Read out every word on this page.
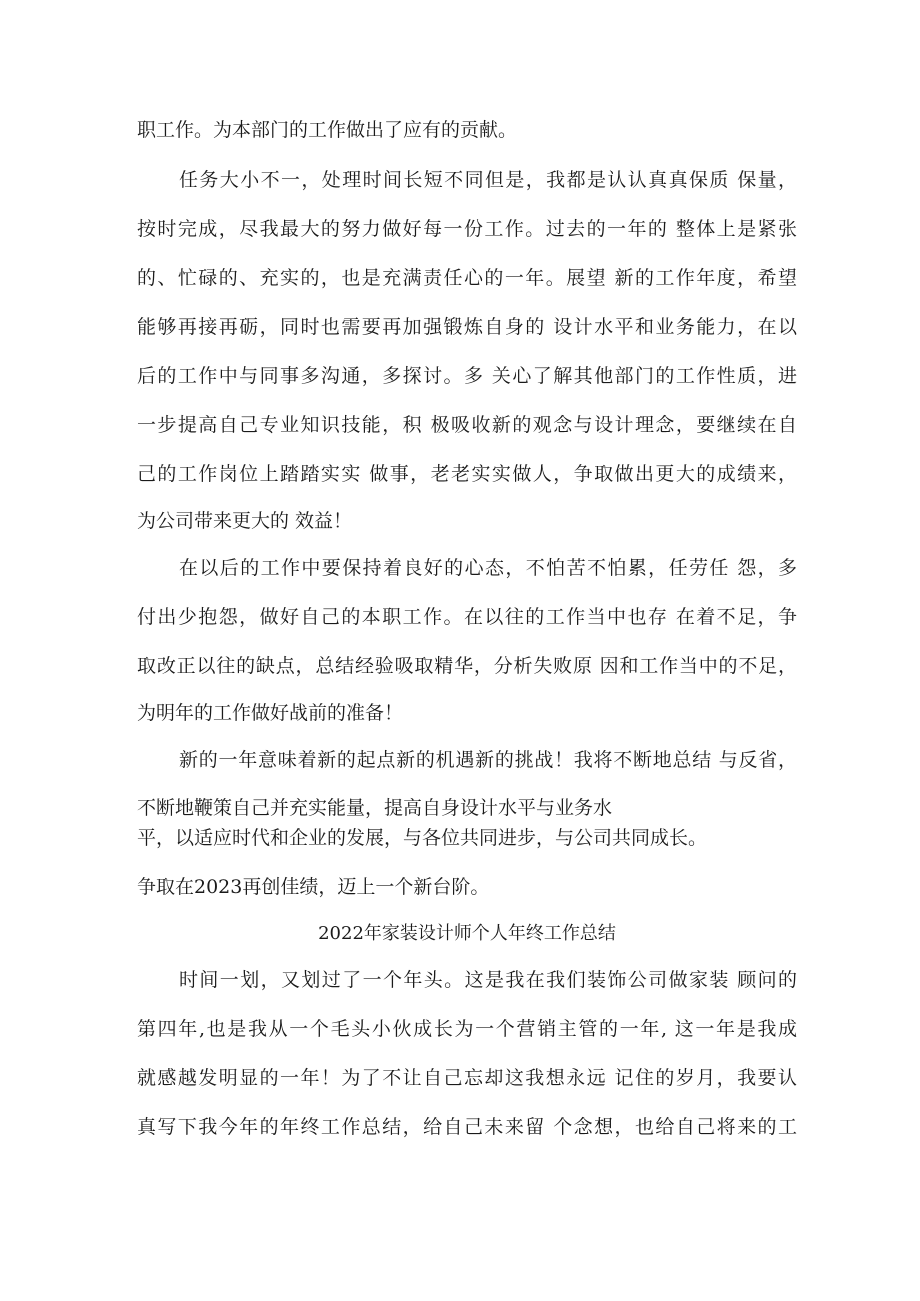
职工作。为本部门的工作做出了应有的贡献。
任务大小不一，处理时间长短不同但是，我都是认认真真保质 保量，
按时完成，尽我最大的努力做好每一份工作。过去的一年的 整体上是紧张
的、忙碌的、充实的，也是充满责任心的一年。展望 新的工作年度，希望
能够再接再砺，同时也需要再加强锻炼自身的 设计水平和业务能力，在以
后的工作中与同事多沟通，多探讨。多 关心了解其他部门的工作性质，进
一步提高自己专业知识技能，积 极吸收新的观念与设计理念，要继续在自
己的工作岗位上踏踏实实 做事，老老实实做人，争取做出更大的成绩来，
为公司带来更大的 效益！
在以后的工作中要保持着良好的心态，不怕苦不怕累，任劳任 怨，多
付出少抱怨，做好自己的本职工作。在以往的工作当中也存 在着不足，争
取改正以往的缺点，总结经验吸取精华，分析失败原 因和工作当中的不足，
为明年的工作做好战前的准备！
新的一年意味着新的起点新的机遇新的挑战！我将不断地总结 与反省，
不断地鞭策自己并充实能量，提高自身设计水平与业务水
平，以适应时代和企业的发展，与各位共同进步，与公司共同成长。
争取在2023再创佳绩，迈上一个新台阶。
2022年家装设计师个人年终工作总结
时间一划，又划过了一个年头。这是我在我们装饰公司做家装 顾问的
第四年,也是我从一个毛头小伙成长为一个营销主管的一年, 这一年是我成
就感越发明显的一年！为了不让自己忘却这我想永远 记住的岁月，我要认
真写下我今年的年终工作总结，给自己未来留 个念想，也给自己将来的工
